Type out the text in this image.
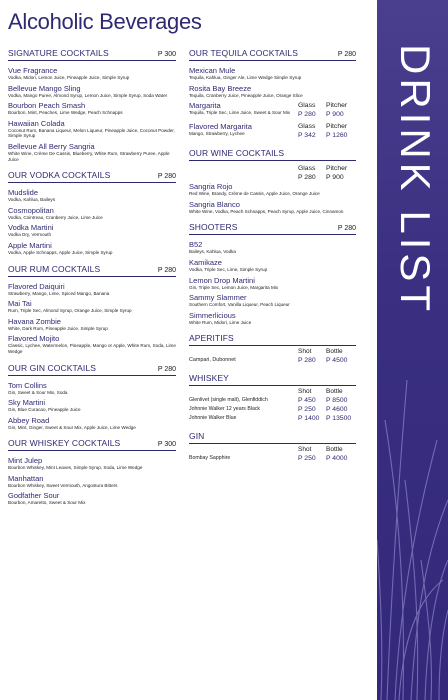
Alcoholic Beverages
SIGNATURE COCKTAILS	P 300
Vue Fragrance
Vodka, Midori, Lemon Juice, Pineapple Juice, Simple Syrup
Bellevue Mango Sling
Vodka, Mango Puree, Almond Syrup, Lemon Juice, Simple Syrup, Soda Water
Bourbon Peach Smash
Bourbon, Mint, Peaches, Lime Wedge, Peach Schnapps
Hawaiian Colada
Coconut Rum, Banana Liqueur, Melon Liqueur, Pineapple Juice, Coconut Powder, Simple Syrup
Bellevue All Berry Sangria
White Wine, Crème De Cassis, Blueberry, White Rum, Strawberry Puree, Apple Juice
OUR VODKA COCKTAILS	P 280
Mudslide
Vodka, Kahlua, Baileys
Cosmopolitan
Vodka, Cointreau, Cranberry Juice, Lime Juice
Vodka Martini
Vodka Dry, Vermouth
Apple Martini
Vodka, Apple Schnapps, Apple Juice, Simple Syrup
OUR RUM COCKTAILS	P 280
Flavored Daiquiri
Strawberry, Mango, Lime, Spiced Mango, Banana
Mai Tai
Rum, Triple Sec, Almond Syrup, Orange Juice, Simple Syrup
Havana Zombie
White, Dark Rum, Pineapple Juice, Simple Syrup
Flavored Mojito
Classic, Lychee, Watermelon, Pineapple, Mango or Apple, White Rum, Soda, Lime Wedge
OUR GIN COCKTAILS	P 280
Tom Collins
Gin, Sweet & Sour Mix, Soda
Sky Martini
Gin, Blue Curacao, Pineapple Juice
Abbey Road
Gin, Mint, Ginger, Sweet & Sour Mix, Apple Juice, Lime Wedge
OUR WHISKEY COCKTAILS	P 300
Mint Julep
Bourbon Whiskey, Mint Leaves, Simple Syrup, Soda, Lime Wedge
Manhattan
Bourbon Whiskey, Sweet Vermouth, Angostura Bitters
Godfather Sour
Bourbon, Amaretto, Sweet & Sour Mix
OUR TEQUILA COCKTAILS	P 280
Mexican Mule
Tequila, Kahlua, Ginger Ale, Lime Wedge Simple Syrup
Rosita Bay Breeze
Tequila, Cranberry Juice, Pineapple Juice, Orange Slice
Margarita
Tequila, Triple Sec, Lime Juice, Sweet & Sour Mix
Glass	Pitcher
P 280	P 900
Flavored Margarita
Mango, Strawberry, Lychee
Glass	Pitcher
P 342	P 1260
OUR WINE COCKTAILS
Glass	Pitcher
P 280	P 900
Sangria Rojo
Red Wine, Brandy, Crème de Cassis, Apple Juice, Orange Juice
Sangria Blanco
White Wine, Vodka, Peach Schnapps, Peach Syrup, Apple Juice, Cinnamon
SHOOTERS	P 280
B52
Baileys, Kahlua, Vodka
Kamikaze
Vodka, Triple Sec, Lime, Simple Syrup
Lemon Drop Martini
Gin, Triple Sec, Lemon Juice, Margarita Mix
Sammy Slammer
Southern Comfort, Vanilla Liqueur, Peach Liqueur
Simmerlicious
White Rum, Midori, Lime Juice
APERITIFS
Shot	Bottle
Campari, Dubonnet	P 280	P 4500
WHISKEY
Shot	Bottle
Glenlivet (single malt), Glenfiddich	P 450	P 8500
Johnnie Walker 12 years Black	P 250	P 4600
Johnnie Walker Blue	P 1400 P 13500
GIN
Shot	Bottle
Bombay Sapphire	P 250	P 4000
DRINK LIST
